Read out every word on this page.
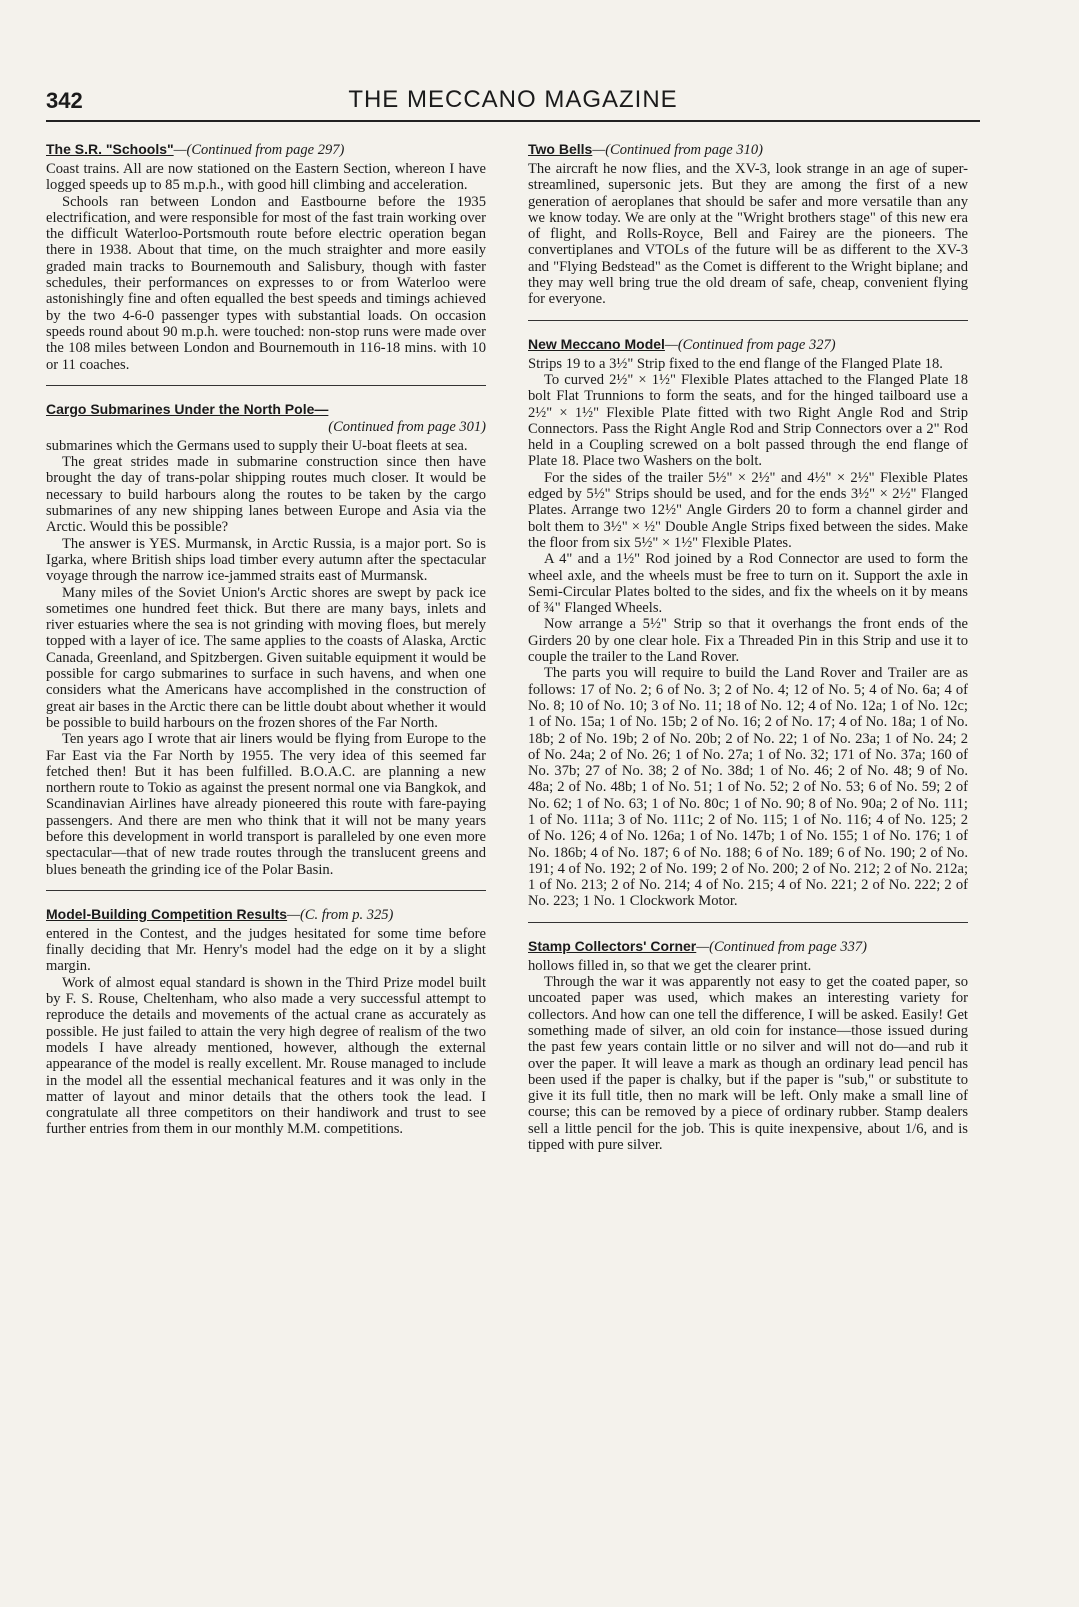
342	THE MECCANO MAGAZINE
The S.R. "Schools"—(Continued from page 297)

Coast trains. All are now stationed on the Eastern Section, whereon I have logged speeds up to 85 m.p.h., with good hill climbing and acceleration.

Schools ran between London and Eastbourne before the 1935 electrification, and were responsible for most of the fast train working over the difficult Waterloo-Portsmouth route before electric operation began there in 1938. About that time, on the much straighter and more easily graded main tracks to Bournemouth and Salisbury, though with faster schedules, their performances on expresses to or from Waterloo were astonishingly fine and often equalled the best speeds and timings achieved by the two 4-6-0 passenger types with substantial loads. On occasion speeds round about 90 m.p.h. were touched: non-stop runs were made over the 108 miles between London and Bournemouth in 116-18 mins. with 10 or 11 coaches.

Cargo Submarines Under the North Pole—
(Continued from page 301)

submarines which the Germans used to supply their U-boat fleets at sea.

The great strides made in submarine construction since then have brought the day of trans-polar shipping routes much closer. It would be necessary to build harbours along the routes to be taken by the cargo submarines of any new shipping lanes between Europe and Asia via the Arctic. Would this be possible?

The answer is YES. Murmansk, in Arctic Russia, is a major port. So is Igarka, where British ships load timber every autumn after the spectacular voyage through the narrow ice-jammed straits east of Murmansk.

Many miles of the Soviet Union's Arctic shores are swept by pack ice sometimes one hundred feet thick. But there are many bays, inlets and river estuaries where the sea is not grinding with moving floes, but merely topped with a layer of ice. The same applies to the coasts of Alaska, Arctic Canada, Greenland, and Spitzbergen. Given suitable equipment it would be possible for cargo submarines to surface in such havens, and when one considers what the Americans have accomplished in the construction of great air bases in the Arctic there can be little doubt about whether it would be possible to build harbours on the frozen shores of the Far North.

Ten years ago I wrote that air liners would be flying from Europe to the Far East via the Far North by 1955. The very idea of this seemed far fetched then! But it has been fulfilled. B.O.A.C. are planning a new northern route to Tokio as against the present normal one via Bangkok, and Scandinavian Airlines have already pioneered this route with fare-paying passengers. And there are men who think that it will not be many years before this development in world transport is paralleled by one even more spectacular—that of new trade routes through the translucent greens and blues beneath the grinding ice of the Polar Basin.

Model-Building Competition Results—(C. from p. 325)

entered in the Contest, and the judges hesitated for some time before finally deciding that Mr. Henry's model had the edge on it by a slight margin.

Work of almost equal standard is shown in the Third Prize model built by F. S. Rouse, Cheltenham, who also made a very successful attempt to reproduce the details and movements of the actual crane as accurately as possible. He just failed to attain the very high degree of realism of the two models I have already mentioned, however, although the external appearance of the model is really excellent. Mr. Rouse managed to include in the model all the essential mechanical features and it was only in the matter of layout and minor details that the others took the lead. I congratulate all three competitors on their handiwork and trust to see further entries from them in our monthly M.M. competitions.

Two Bells—(Continued from page 310)

The aircraft he now flies, and the XV-3, look strange in an age of super-streamlined, supersonic jets. But they are among the first of a new generation of aeroplanes that should be safer and more versatile than any we know today. We are only at the "Wright brothers stage" of this new era of flight, and Rolls-Royce, Bell and Fairey are the pioneers. The convertiplanes and VTOLs of the future will be as different to the XV-3 and "Flying Bedstead" as the Comet is different to the Wright biplane; and they may well bring true the old dream of safe, cheap, convenient flying for everyone.

New Meccano Model—(Continued from page 327)

Strips 19 to a 3½" Strip fixed to the end flange of the Flanged Plate 18.

To curved 2½" × 1½" Flexible Plates attached to the Flanged Plate 18 bolt Flat Trunnions to form the seats, and for the hinged tailboard use a 2½" × 1½" Flexible Plate fitted with two Right Angle Rod and Strip Connectors. Pass the Right Angle Rod and Strip Connectors over a 2" Rod held in a Coupling screwed on a bolt passed through the end flange of Plate 18. Place two Washers on the bolt.

For the sides of the trailer 5½" × 2½" and 4½" × 2½" Flexible Plates edged by 5½" Strips should be used, and for the ends 3½" × 2½" Flanged Plates. Arrange two 12½" Angle Girders 20 to form a channel girder and bolt them to 3½" × ½" Double Angle Strips fixed between the sides. Make the floor from six 5½" × 1½" Flexible Plates.

A 4" and a 1½" Rod joined by a Rod Connector are used to form the wheel axle, and the wheels must be free to turn on it. Support the axle in Semi-Circular Plates bolted to the sides, and fix the wheels on it by means of ¾" Flanged Wheels.

Now arrange a 5½" Strip so that it overhangs the front ends of the Girders 20 by one clear hole. Fix a Threaded Pin in this Strip and use it to couple the trailer to the Land Rover.

The parts you will require to build the Land Rover and Trailer are as follows: 17 of No. 2; 6 of No. 3; 2 of No. 4; 12 of No. 5; 4 of No. 6a; 4 of No. 8; 10 of No. 10; 3 of No. 11; 18 of No. 12; 4 of No. 12a; 1 of No. 12c; 1 of No. 15a; 1 of No. 15b; 2 of No. 16; 2 of No. 17; 4 of No. 18a; 1 of No. 18b; 2 of No. 19b; 2 of No. 20b; 2 of No. 22; 1 of No. 23a; 1 of No. 24; 2 of No. 24a; 2 of No. 26; 1 of No. 27a; 1 of No. 32; 171 of No. 37a; 160 of No. 37b; 27 of No. 38; 2 of No. 38d; 1 of No. 46; 2 of No. 48; 9 of No. 48a; 2 of No. 48b; 1 of No. 51; 1 of No. 52; 2 of No. 53; 6 of No. 59; 2 of No. 62; 1 of No. 63; 1 of No. 80c; 1 of No. 90; 8 of No. 90a; 2 of No. 111; 1 of No. 111a; 3 of No. 111c; 2 of No. 115; 1 of No. 116; 4 of No. 125; 2 of No. 126; 4 of No. 126a; 1 of No. 147b; 1 of No. 155; 1 of No. 176; 1 of No. 186b; 4 of No. 187; 6 of No. 188; 6 of No. 189; 6 of No. 190; 2 of No. 191; 4 of No. 192; 2 of No. 199; 2 of No. 200; 2 of No. 212; 2 of No. 212a; 1 of No. 213; 2 of No. 214; 4 of No. 215; 4 of No. 221; 2 of No. 222; 2 of No. 223; 1 No. 1 Clockwork Motor.

Stamp Collectors' Corner—(Continued from page 337)

hollows filled in, so that we get the clearer print.

Through the war it was apparently not easy to get the coated paper, so uncoated paper was used, which makes an interesting variety for collectors. And how can one tell the difference, I will be asked. Easily! Get something made of silver, an old coin for instance—those issued during the past few years contain little or no silver and will not do—and rub it over the paper. It will leave a mark as though an ordinary lead pencil has been used if the paper is chalky, but if the paper is "sub," or substitute to give it its full title, then no mark will be left. Only make a small line of course; this can be removed by a piece of ordinary rubber. Stamp dealers sell a little pencil for the job. This is quite inexpensive, about 1/6, and is tipped with pure silver.
